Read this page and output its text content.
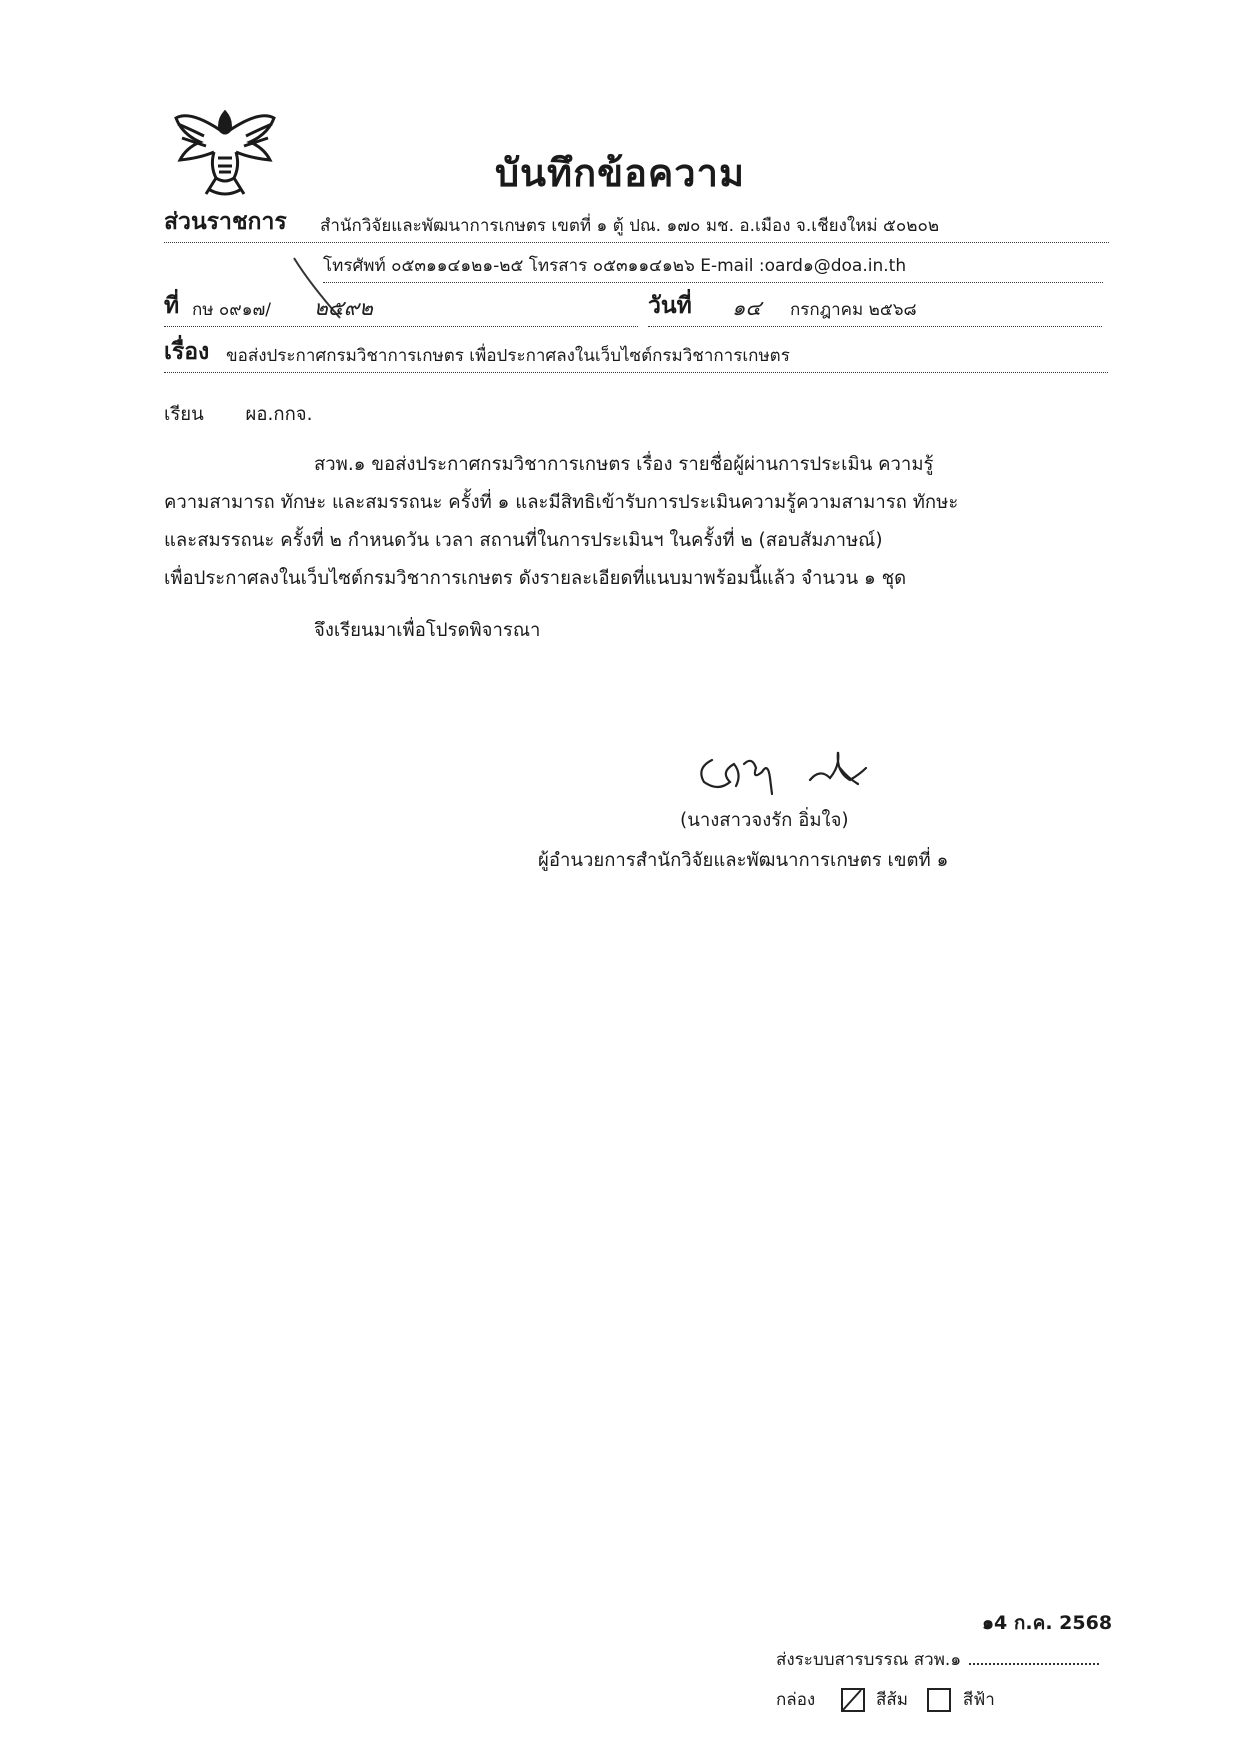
บันทึกข้อความ
ส่วนราชการ สำนักวิจัยและพัฒนาการเกษตร เขตที่ ๑ ตู้ ปณ. ๑๗๐ มช. อ.เมือง จ.เชียงใหม่ ๕๐๒๐๒
โทรศัพท์ ๐๕๓๑๑๔๑๒๑-๒๕ โทรสาร ๐๕๓๑๑๔๑๒๖ E-mail :oard๑@doa.in.th
ที่ กษ ๐๙๑๗/ ๒๕๙๒	วันที่ ๑๔ กรกฎาคม ๒๕๖๘
เรื่อง ขอส่งประกาศกรมวิชาการเกษตร เพื่อประกาศลงในเว็บไซต์กรมวิชาการเกษตร
เรียน ผอ.กกจ.
สวพ.๑ ขอส่งประกาศกรมวิชาการเกษตร เรื่อง รายชื่อผู้ผ่านการประเมิน ความรู้
ความสามารถ ทักษะ และสมรรถนะ ครั้งที่ ๑ และมีสิทธิเข้ารับการประเมินความรู้ความสามารถ ทักษะ
และสมรรถนะ ครั้งที่ ๒ กำหนดวัน เวลา สถานที่ในการประเมินฯ ในครั้งที่ ๒ (สอบสัมภาษณ์)
เพื่อประกาศลงในเว็บไซต์กรมวิชาการเกษตร ดังรายละเอียดที่แนบมาพร้อมนี้แล้ว จำนวน ๑ ชุด
จึงเรียนมาเพื่อโปรดพิจารณา
(นางสาวจงรัก อิ่มใจ)
ผู้อำนวยการสำนักวิจัยและพัฒนาการเกษตร เขตที่ ๑
๑4 ก.ค. 2568
ส่งระบบสารบรรณ สวพ.๑
กล่อง	สีส้ม	สีฟ้า
